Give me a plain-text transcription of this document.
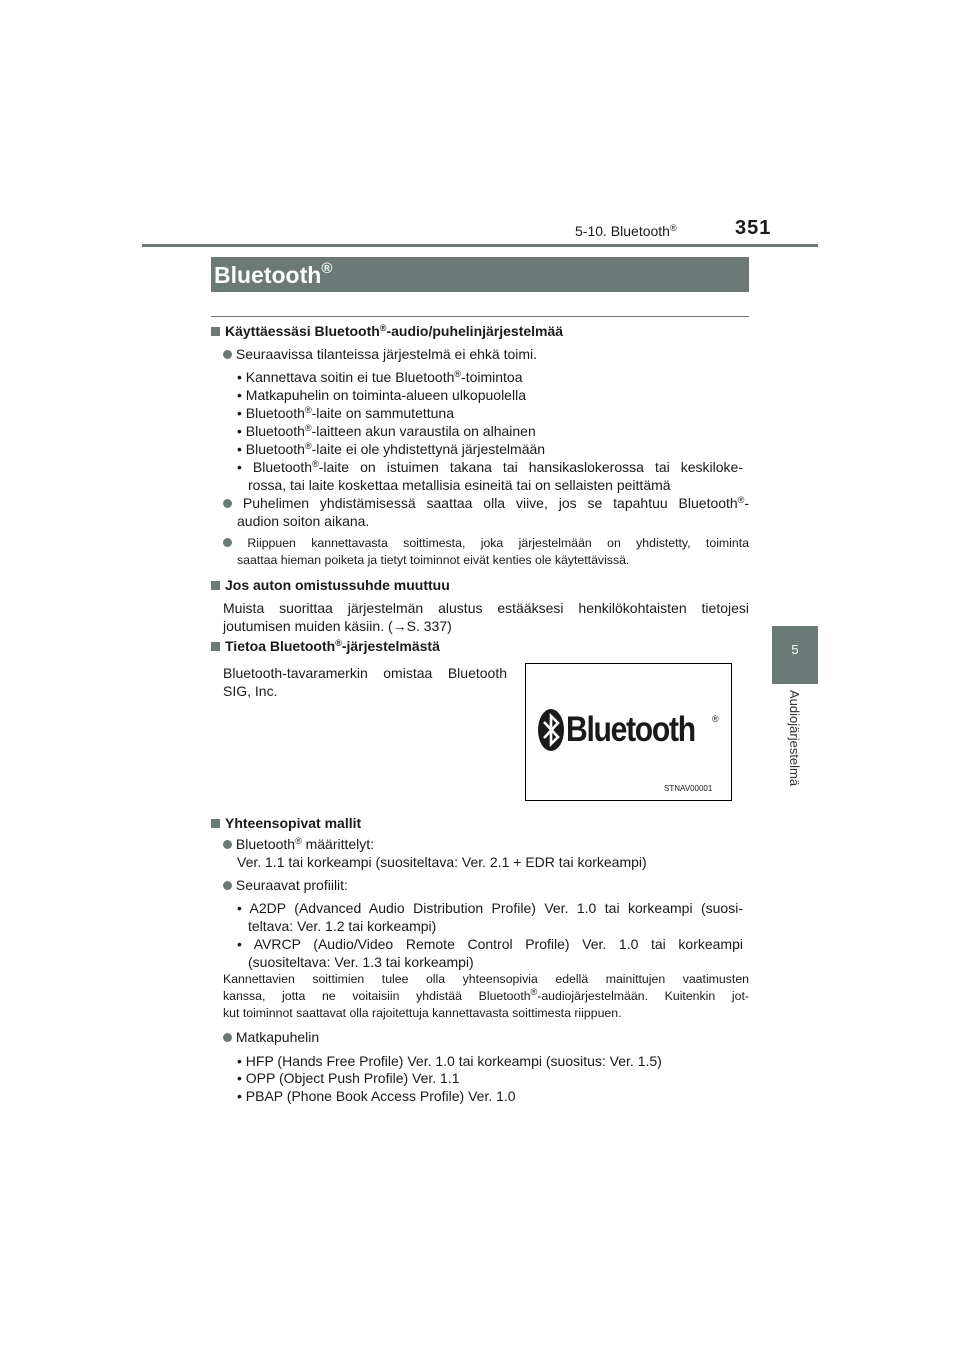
5-10. Bluetooth®	351
5
Audiojärjestelmä
Bluetooth®
Käyttäessäsi Bluetooth®-audio/puhelinjärjestelmää
Seuraavissa tilanteissa järjestelmä ei ehkä toimi.
• Kannettava soitin ei tue Bluetooth®-toimintoa
• Matkapuhelin on toiminta-alueen ulkopuolella
• Bluetooth®-laite on sammutettuna
• Bluetooth®-laitteen akun varaustila on alhainen
• Bluetooth®-laite ei ole yhdistettynä järjestelmään
• Bluetooth®-laite on istuimen takana tai hansikaslokerossa tai keskiloke-
rossa, tai laite koskettaa metallisia esineitä tai on sellaisten peittämä
Puhelimen yhdistämisessä saattaa olla viive, jos se tapahtuu Bluetooth®-
audion soiton aikana.
Riippuen kannettavasta soittimesta, joka järjestelmään on yhdistetty, toiminta
saattaa hieman poiketa ja tietyt toiminnot eivät kenties ole käytettävissä.
Jos auton omistussuhde muuttuu
Muista suorittaa järjestelmän alustus estääksesi henkilökohtaisten tietojesi
joutumisen muiden käsiin. (→S. 337)
Tietoa Bluetooth®-järjestelmästä
Bluetooth-tavaramerkin omistaa Bluetooth
SIG, Inc.
Bluetooth ®
STNAV00001
Yhteensopivat mallit
Bluetooth® määrittelyt:
Ver. 1.1 tai korkeampi (suositeltava: Ver. 2.1 + EDR tai korkeampi)
Seuraavat profiilit:
• A2DP (Advanced Audio Distribution Profile) Ver. 1.0 tai korkeampi (suosi-
teltava: Ver. 1.2 tai korkeampi)
• AVRCP (Audio/Video Remote Control Profile) Ver. 1.0 tai korkeampi
(suositeltava: Ver. 1.3 tai korkeampi)
Kannettavien soittimien tulee olla yhteensopivia edellä mainittujen vaatimusten
kanssa, jotta ne voitaisiin yhdistää Bluetooth®-audiojärjestelmään. Kuitenkin jot-
kut toiminnot saattavat olla rajoitettuja kannettavasta soittimesta riippuen.
Matkapuhelin
• HFP (Hands Free Profile) Ver. 1.0 tai korkeampi (suositus: Ver. 1.5)
• OPP (Object Push Profile) Ver. 1.1
• PBAP (Phone Book Access Profile) Ver. 1.0
